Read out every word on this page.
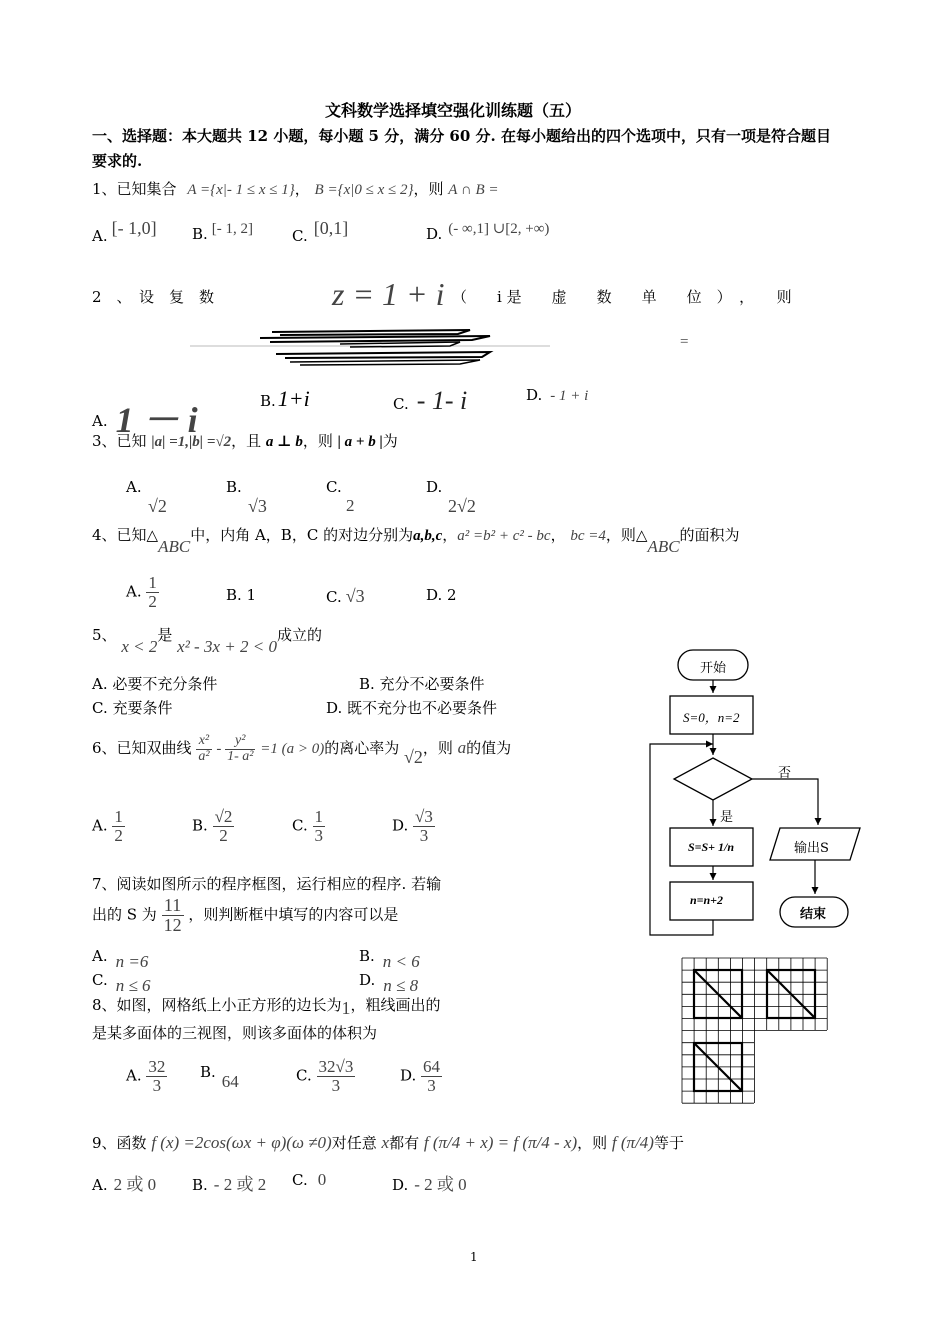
文科数学选择填空强化训练题（五）
一、选择题：本大题共 12 小题，每小题 5 分，满分 60 分. 在每小题给出的四个选项中，只有一项是符合题目
要求的.
1、已知集合 A ={x|- 1 ≤ x ≤ 1}， B ={x|0 ≤ x ≤ 2}，则 A ∩ B =
A. [- 1,0] B. [- 1, 2]	C. [0,1]	D. (- ∞,1] ∪[2, +∞)
2　、　设　复　数	z = 1 + i （　　i 是　　虚　　数　　单　　位　）　，　　则
=
A. 1 － i	B.1+i	C. - 1- i	D. - 1 + i
3、已知 |a| =1,|b| =√2，且 a ⊥ b，则 | a + b |为
A.
√2
B.
√3
C.
2
D.
2√2
4、已知△ABC中，内角 A，B，C 的对边分别为a,b,c，a² =b² + c² - bc， bc =4，则△ABC的面积为
A. $\frac{1}{2}$	B. 1	C. √3	D. 2
5、 x < 2是 x² - 3x + 2 < 0成立的
A. 必要不充分条件	B. 充分不必要条件
C. 充要条件	D. 既不充分也不必要条件
6、已知双曲线 $\frac{\text{x²}}{\text{a²}} - \frac{\text{y²}}{\text{1- a²}} =1$ (a > 0)的离心率为 √2，则 a的值为
A. $\frac{1}{2}$	B. $\frac{√2}{2}$	C. $\frac{1}{3}$	D. $\frac{√3}{3}$
7、阅读如图所示的程序框图，运行相应的程序. 若输
出的 S 为 $\frac{11}{12}$ ，则判断框中填写的内容可以是
A. n =6	B. n < 6
C. n ≤ 6	D. n ≤ 8
8、如图，网格纸上小正方形的边长为1，粗线画出的
是某多面体的三视图，则该多面体的体积为
A. $\frac{32}{3} B$. 64	C. $\frac{32√3}{3}$	D. $\frac{64}{3}$
9、函数 f (x) =2cos(ωx + φ)(ω ≠0)对任意 x都有 f (π/4 + x) = f (π/4 - x)，则 f (π/4)等于
A. 2 或 0 B. - 2 或 2 C. 0	D. - 2 或 0
开始
S=0，n=2
否
是
S=S+ 1/n
n=n+2
输出S
结束
1
